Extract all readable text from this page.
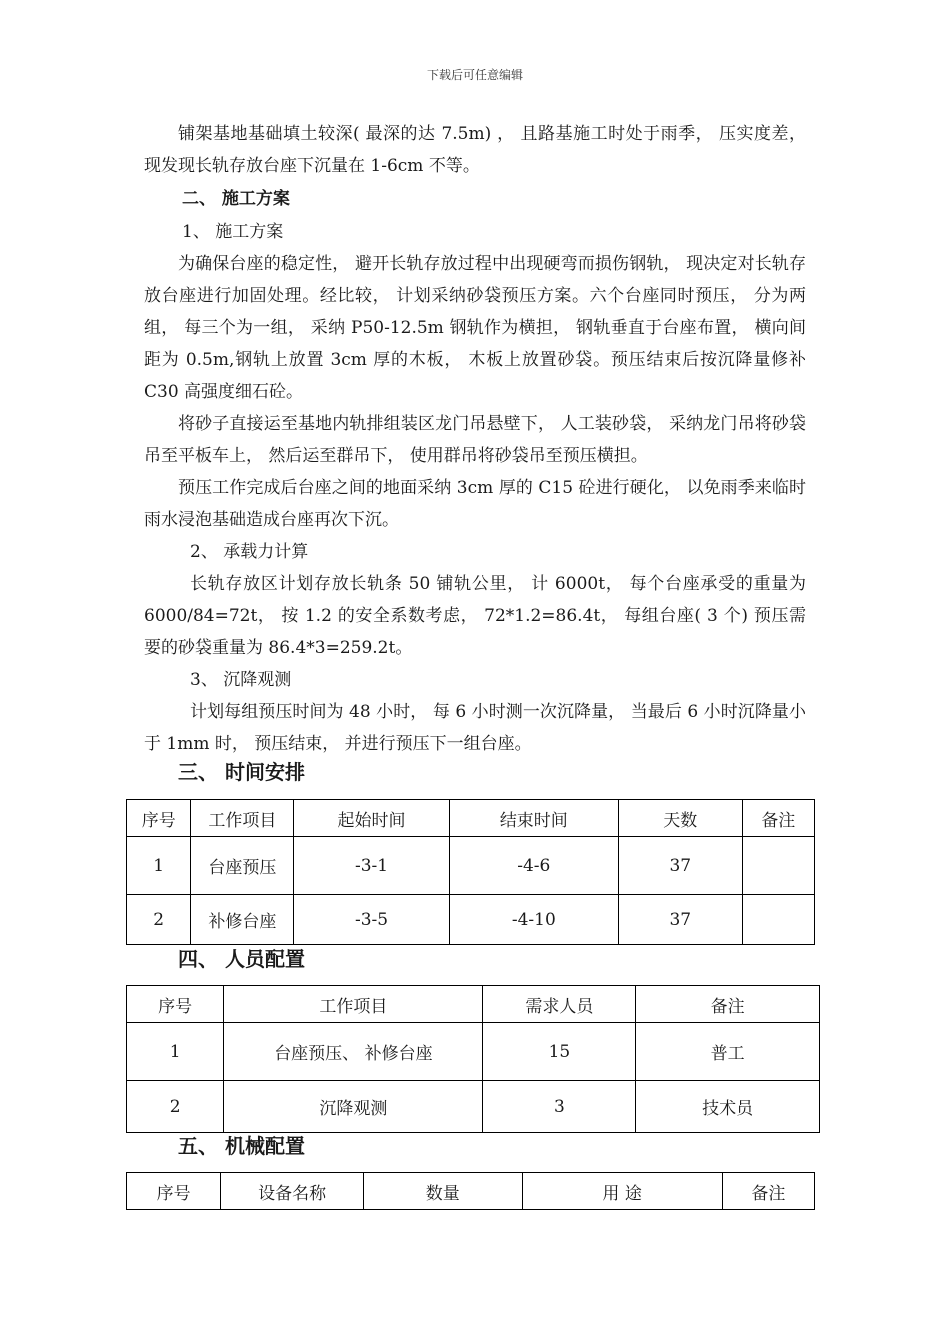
下载后可任意编辑

铺架基地基础填土较深( 最深的达 7.5m) ， 且路基施工时处于雨季， 压实度差， 现发现长轨存放台座下沉量在 1-6cm 不等。

二、 施工方案

1、 施工方案

为确保台座的稳定性， 避开长轨存放过程中出现硬弯而损伤钢轨， 现决定对长轨存放台座进行加固处理。经比较， 计划采纳砂袋预压方案。六个台座同时预压， 分为两组， 每三个为一组， 采纳 P50-12.5m 钢轨作为横担， 钢轨垂直于台座布置， 横向间距为 0.5m,钢轨上放置 3cm 厚的木板， 木板上放置砂袋。预压结束后按沉降量修补 C30 高强度细石砼。

将砂子直接运至基地内轨排组装区龙门吊悬壁下， 人工装砂袋， 采纳龙门吊将砂袋吊至平板车上， 然后运至群吊下， 使用群吊将砂袋吊至预压横担。

预压工作完成后台座之间的地面采纳 3cm 厚的 C15 砼进行硬化， 以免雨季来临时雨水浸泡基础造成台座再次下沉。

2、 承载力计算

长轨存放区计划存放长轨条 50 铺轨公里， 计 6000t， 每个台座承受的重量为 6000/84=72t， 按 1.2 的安全系数考虑， 72*1.2=86.4t， 每组台座( 3 个) 预压需要的砂袋重量为 86.4*3=259.2t。

3、 沉降观测

计划每组预压时间为 48 小时， 每 6 小时测一次沉降量， 当最后 6 小时沉降量小于 1mm 时， 预压结束， 并进行预压下一组台座。

三、 时间安排
序号	工作项目	起始时间	结束时间	天数	备注
1	台座预压	-3-1	-4-6	37	
2	补修台座	-3-5	-4-10	37	
四、 人员配置
序号	工作项目	需求人员	备注
1	台座预压、 补修台座	15	普工
2	沉降观测	3	技术员
五、 机械配置
序号	设备名称	数量	用 途	备注
